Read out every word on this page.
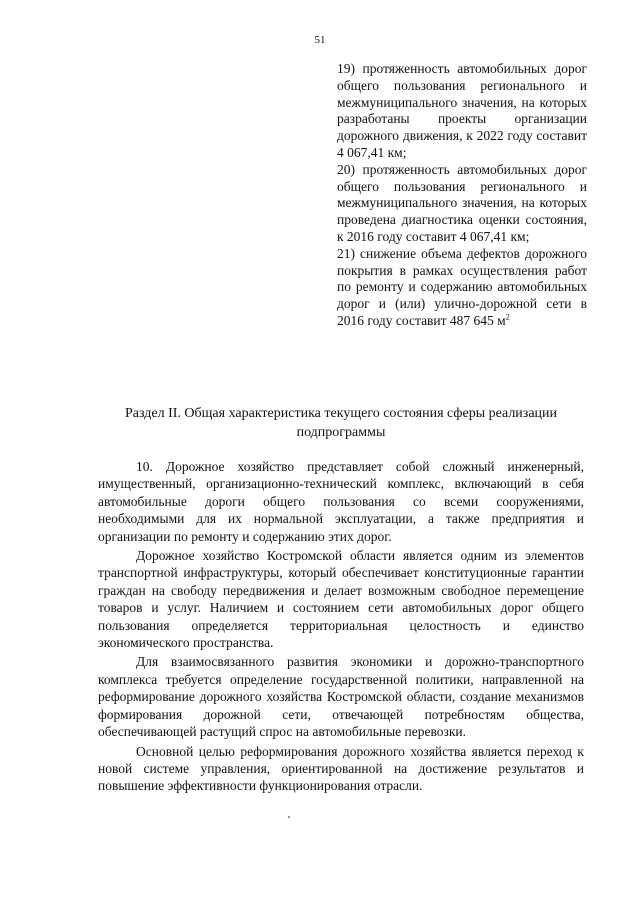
51
19) протяженность автомобильных дорог общего пользования регионального и межмуниципального значения, на которых разработаны проекты организации дорожного движения, к 2022 году составит 4 067,41 км;
20) протяженность автомобильных дорог общего пользования регионального и межмуниципального значения, на которых проведена диагностика оценки состояния, к 2016 году составит 4 067,41 км;
21) снижение объема дефектов дорожного покрытия в рамках осуществления работ по ремонту и содержанию автомобильных дорог и (или) улично-дорожной сети в 2016 году составит 487 645 $м^2$
Раздел II. Общая характеристика текущего состояния сферы реализации подпрограммы

10. Дорожное хозяйство представляет собой сложный инженерный, имущественный, организационно-технический комплекс, включающий в себя автомобильные дороги общего пользования со всеми сооружениями, необходимыми для их нормальной эксплуатации, а также предприятия и организации по ремонту и содержанию этих дорог.

Дорожное хозяйство Костромской области является одним из элементов транспортной инфраструктуры, который обеспечивает конституционные гарантии граждан на свободу передвижения и делает возможным свободное перемещение товаров и услуг. Наличием и состоянием сети автомобильных дорог общего пользования определяется территориальная целостность и единство экономического пространства.

Для взаимосвязанного развития экономики и дорожно-транспортного комплекса требуется определение государственной политики, направленной на реформирование дорожного хозяйства Костромской области, создание механизмов формирования дорожной сети, отвечающей потребностям общества, обеспечивающей растущий спрос на автомобильные перевозки.

Основной целью реформирования дорожного хозяйства является переход к новой системе управления, ориентированной на достижение результатов и повышение эффективности функционирования отрасли.
